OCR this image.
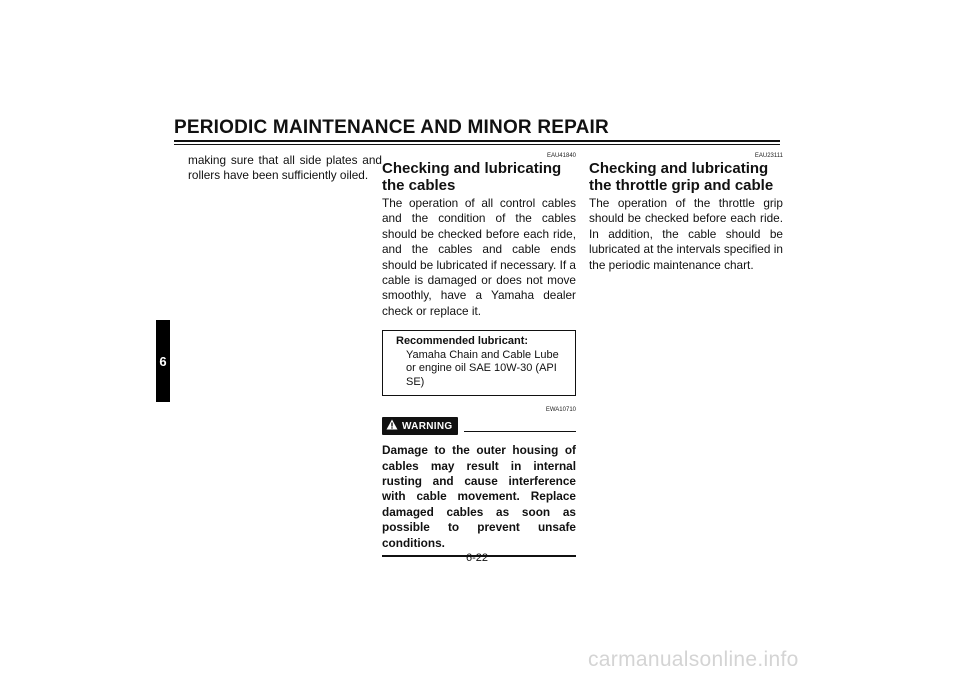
PERIODIC MAINTENANCE AND MINOR REPAIR
6

making sure that all side plates and rollers have been sufficiently oiled.

EAU41840

Checking and lubricating the cables

The operation of all control cables and the condition of the cables should be checked before each ride, and the cables and cable ends should be lubricated if necessary. If a cable is damaged or does not move smoothly, have a Yamaha dealer check or replace it.

Recommended lubricant:
Yamaha Chain and Cable Lube or engine oil SAE 10W-30 (API SE)

EWA10710

WARNING

Damage to the outer housing of cables may result in internal rusting and cause interference with cable movement. Replace damaged cables as soon as possible to prevent unsafe conditions.

EAU23111

Checking and lubricating the throttle grip and cable

The operation of the throttle grip should be checked before each ride. In addition, the cable should be lubricated at the intervals specified in the periodic maintenance chart.

6-22
carmanualsonline.info
